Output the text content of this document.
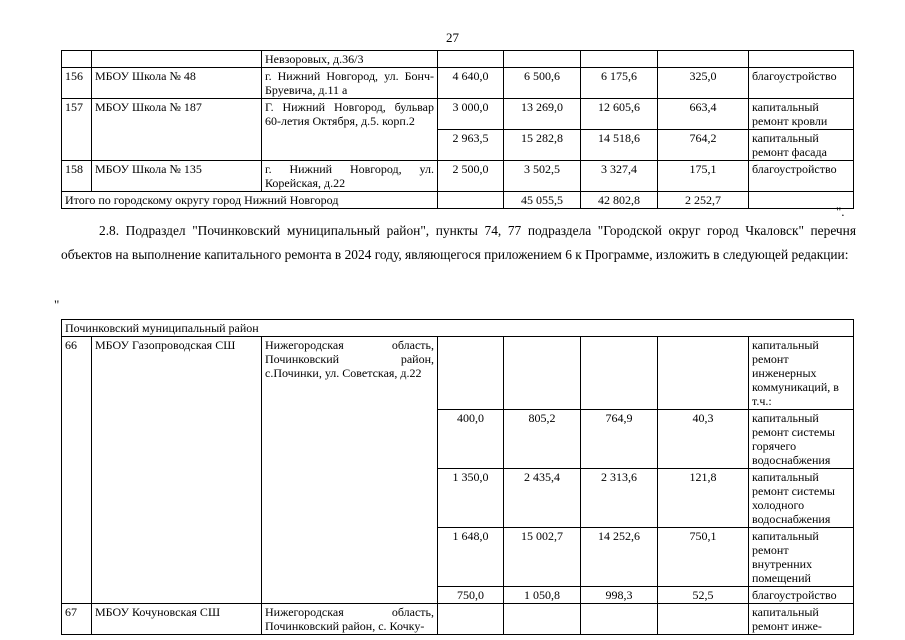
27
		Невзоровых, д.36/3					
156	МБОУ Школа № 48	г. Нижний Новгород, ул. Бонч-Бруевича, д.11 а	4 640,0	6 500,6	6 175,6	325,0	благоустройство
157	МБОУ Школа № 187	Г. Нижний Новгород, бульвар 60-летия Октября, д.5. корп.2	3 000,0	13 269,0	12 605,6	663,4	капитальный ремонт кровли
			2 963,5	15 282,8	14 518,6	764,2	капитальный ремонт фасада
158	МБОУ Школа № 135	г. Нижний Новгород, ул. Корейская, д.22	2 500,0	3 502,5	3 327,4	175,1	благоустройство
Итого по городскому округу город Нижний Новгород				45 055,5	42 802,8	2 252,7	
".
2.8. Подраздел "Починковский муниципальный район", пункты 74, 77 подраздела "Городской округ город Чкаловск" перечня объектов на выполнение капитального ремонта в 2024 году, являющегося приложением 6 к Программе, изложить в следующей редакции:
"
Починковский муниципальный район							
66	МБОУ Газопроводская СШ	Нижегородская область, Починковский район, с.Починки, ул. Советская, д.22					капитальный ремонт инженерных коммуникаций, в т.ч.:
			400,0	805,2	764,9	40,3	капитальный ремонт системы горячего водоснабжения
			1 350,0	2 435,4	2 313,6	121,8	капитальный ремонт системы холодного водоснабжения
			1 648,0	15 002,7	14 252,6	750,1	капитальный ремонт внутренних помещений
			750,0	1 050,8	998,3	52,5	благоустройство
67	МБОУ Кочуновская СШ	Нижегородская область, Починковский район, с. Кочку-					капитальный ремонт инже-
